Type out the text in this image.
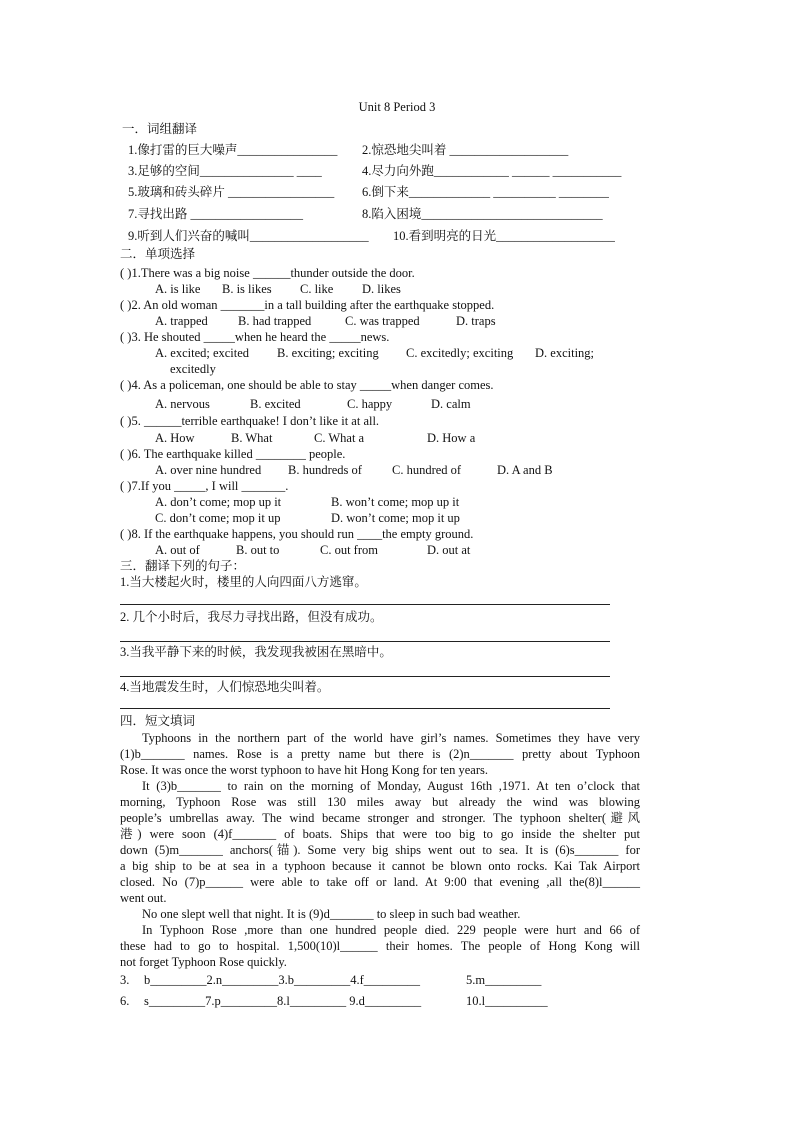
Unit 8 Period 3
一．词组翻译
1.像打雷的巨大噪声________________ 2.惊恐地尖叫着 ___________________
3.足够的空间_______________ ____	4.尽力向外跑____________ ______ ___________
5.玻璃和砖头碎片 _________________ 6.倒下来_____________ __________ ________
7.寻找出路 __________________	8.陷入困境_____________________________
9.听到人们兴奋的喊叫___________________ 10.看到明亮的日光___________________
二．单项选择
( )1.There was a big noise ______thunder outside the door.
A. is like B. is likes C. like D. likes
( )2. An old woman _______in a tall building after the earthquake stopped.
A. trapped B. had trapped	C. was trapped	D. traps
( )3. He shouted _____when he heard the _____news.
A. excited; excited B. exciting; exciting C. excitedly; exciting D. exciting;
excitedly
( )4. As a policeman, one should be able to stay _____when danger comes.
A. nervous	B. excited	C. happy	D. calm
( )5. ______terrible earthquake! I don’t like it at all.
A. How	B. What	C. What a	D. How a
( )6. The earthquake killed ________ people.
A. over nine hundred B. hundreds of C. hundred of	D. A and B
( )7.If you _____, I will _______.
A. don’t come; mop up it	B. won’t come; mop up it
C. don’t come; mop it up	D. won’t come; mop it up
( )8. If the earthquake happens, you should run ____the empty ground.
A. out of	B. out to	C. out from	D. out at
三．翻译下列的句子：
1.当大楼起火时，楼里的人向四面八方逃窜。
2. 几个小时后，我尽力寻找出路，但没有成功。
3.当我平静下来的时候，我发现我被困在黑暗中。
4.当地震发生时，人们惊恐地尖叫着。
四．短文填词
Typhoons in the northern part of the world have girl’s names. Sometimes they have very
(1)b_______ names. Rose is a pretty name but there is (2)n_______ pretty about Typhoon
Rose. It was once the worst typhoon to have hit Hong Kong for ten years.
It (3)b_______ to rain on the morning of Monday, August 16th ,1971. At ten o’clock that
morning, Typhoon Rose was still 130 miles away but already the wind was blowing
people’s umbrellas away. The wind became stronger and stronger. The typhoon shelter(避风
港) were soon (4)f_______ of boats. Ships that were too big to go inside the shelter put
down (5)m_______ anchors(锚). Some very big ships went out to sea. It is (6)s_______ for
a big ship to be at sea in a typhoon because it cannot be blown onto rocks. Kai Tak Airport
closed. No (7)p______ were able to take off or land. At 9:00 that evening ,all the(8)l______
went out.
No one slept well that night. It is (9)d_______ to sleep in such bad weather.
In Typhoon Rose ,more than one hundred people died. 229 people were hurt and 66 of
these had to go to hospital. 1,500(10)l______ their homes. The people of Hong Kong will
not forget Typhoon Rose quickly.
3. b_________2.n_________3.b_________4.f_________	5.m_________
6. s_________7.p_________8.l_________ 9.d_________	10.l__________
